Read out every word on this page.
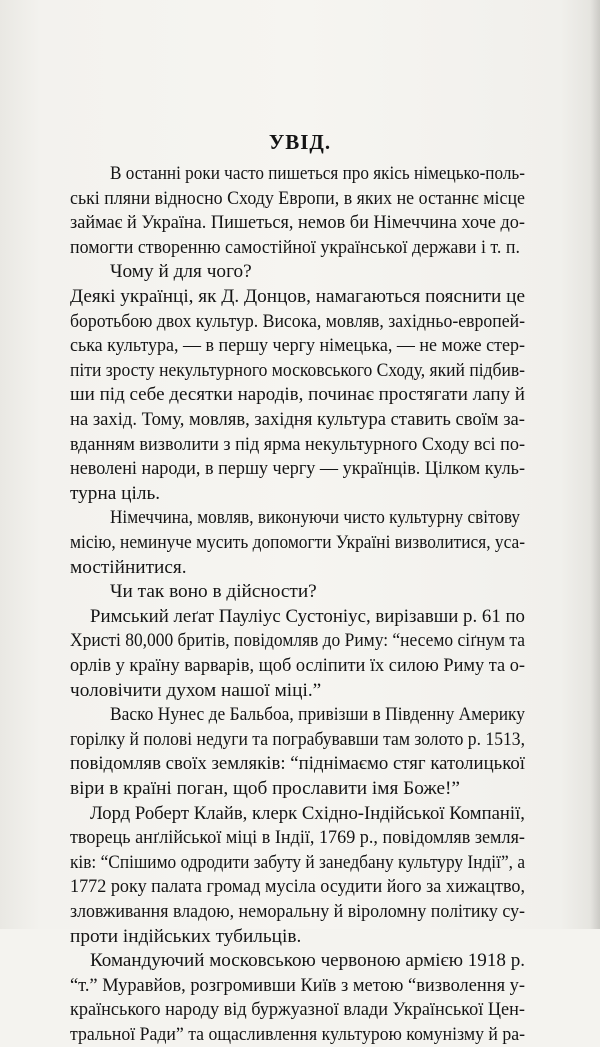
УВІД.
В останні роки часто пишеться про якісь німецько-поль-
ські пляни відносно Сходу Европи, в яких не останнє місце
займає й Україна. Пишеться, немов би Німеччина хоче до-
помогти створенню самостійної української держави і т. п.
Чому й для чого?
Деякі українці, як Д. Донцов, намагаються пояснити це
боротьбою двох культур. Висока, мовляв, західньо-европей-
ська культура, — в першу чергу німецька, — не може стер-
піти зросту некультурного московського Сходу, який підбив-
ши під себе десятки народів, починає простягати лапу й
на захід. Тому, мовляв, західня культура ставить своїм за-
вданням визволити з під ярма некультурного Сходу всі по-
неволені народи, в першу чергу — українців. Цілком куль-
турна ціль.
Німеччина, мовляв, виконуючи чисто культурну світову
місію, неминуче мусить допомогти Україні визволитися, уса-
мостійнитися.
Чи так воно в дійсности?
Римський леґат Пауліус Сустоніус, вирізавши р. 61 по
Христі 80,000 бритів, повідомляв до Риму: “несемо сіґнум та
орлів у країну варварів, щоб осліпити їх силою Риму та о-
чоловічити духом нашої міці.”
Васко Нунес де Бальбоа, привізши в Південну Америку
горілку й полові недуги та пограбувавши там золото р. 1513,
повідомляв своїх земляків: “піднімаємо стяг католицької
віри в країні поган, щоб прославити імя Боже!”
Лорд Роберт Клайв, клерк Східно-Індійської Компанії,
творець анґлійської міці в Індії, 1769 р., повідомляв земля-
ків: “Спішимо одродити забуту й занедбану культуру Індії”, а
1772 року палата громад мусіла осудити його за хижацтво,
зловживання владою, неморальну й віроломну політику су-
проти індійських тубильців.
Командуючий московською червоною армією 1918 р.
“т.” Муравйов, розгромивши Київ з метою “визволення у-
країнського народу від буржуазної влади Української Цен-
тральної Ради” та ощасливлення культурою комунізму й ра-
